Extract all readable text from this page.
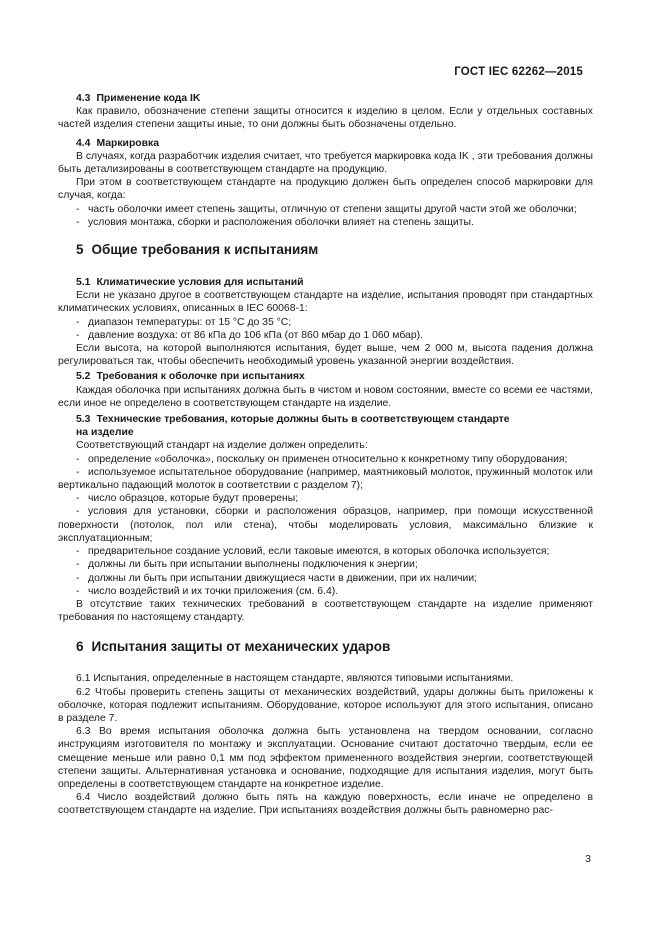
ГОСТ IEC 62262—2015
4.3 Применение кода IK

Как правило, обозначение степени защиты относится к изделию в целом. Если у отдельных составных частей изделия степени защиты иные, то они должны быть обозначены отдельно.

4.4 Маркировка

В случаях, когда разработчик изделия считает, что требуется маркировка кода IK , эти требования должны быть детализированы в соответствующем стандарте на продукцию.

При этом в соответствующем стандарте на продукцию должен быть определен способ маркировки для случая, когда:

- часть оболочки имеет степень защиты, отличную от степени защиты другой части этой же оболочки;

- условия монтажа, сборки и расположения оболочки влияет на степень защиты.

5 Общие требования к испытаниям
5.1 Климатические условия для испытаний

Если не указано другое в соответствующем стандарте на изделие, испытания проводят при стандартных климатических условиях, описанных в IEC 60068-1:

- диапазон температуры: от 15 °С до 35 °С;

- давление воздуха: от 86 кПа до 106 кПа (от 860 мбар до 1 060 мбар).

Если высота, на которой выполняются испытания, будет выше, чем 2 000 м, высота падения должна регулироваться так, чтобы обеспечить необходимый уровень указанной энергии воздействия.

5.2 Требования к оболочке при испытаниях

Каждая оболочка при испытаниях должна быть в чистом и новом состоянии, вместе со всеми ее частями, если иное не определено в соответствующем стандарте на изделие.

5.3 Технические требования, которые должны быть в соответствующем стандарте
на изделие

Соответствующий стандарт на изделие должен определить:

- определение «оболочка», поскольку он применен относительно к конкретному типу оборудования;

- используемое испытательное оборудование (например, маятниковый молоток, пружинный молоток или вертикально падающий молоток в соответствии с разделом 7);

- число образцов, которые будут проверены;

- условия для установки, сборки и расположения образцов, например, при помощи искусственной поверхности (потолок, пол или стена), чтобы моделировать условия, максимально близкие к эксплуатационным;

- предварительное создание условий, если таковые имеются, в которых оболочка используется;

- должны ли быть при испытании выполнены подключения к энергии;

- должны ли быть при испытании движущиеся части в движении, при их наличии;

- число воздействий и их точки приложения (см. 6.4).

В отсутствие таких технических требований в соответствующем стандарте на изделие применяют требования по настоящему стандарту.

6 Испытания защиты от механических ударов

6.1 Испытания, определенные в настоящем стандарте, являются типовыми испытаниями.

6.2 Чтобы проверить степень защиты от механических воздействий, удары должны быть приложены к оболочке, которая подлежит испытаниям. Оборудование, которое используют для этого испытания, описано в разделе 7.

6.3 Во время испытания оболочка должна быть установлена на твердом основании, согласно инструкциям изготовителя по монтажу и эксплуатации. Основание считают достаточно твердым, если ее смещение меньше или равно 0,1 мм под эффектом примененного воздействия энергии, соответствующей степени защиты. Альтернативная установка и основание, подходящие для испытания изделия, могут быть определены в соответствующем стандарте на конкретное изделие.

6.4 Число воздействий должно быть пять на каждую поверхность, если иначе не определено в соответствующем стандарте на изделие. При испытаниях воздействия должны быть равномерно рас-

3
